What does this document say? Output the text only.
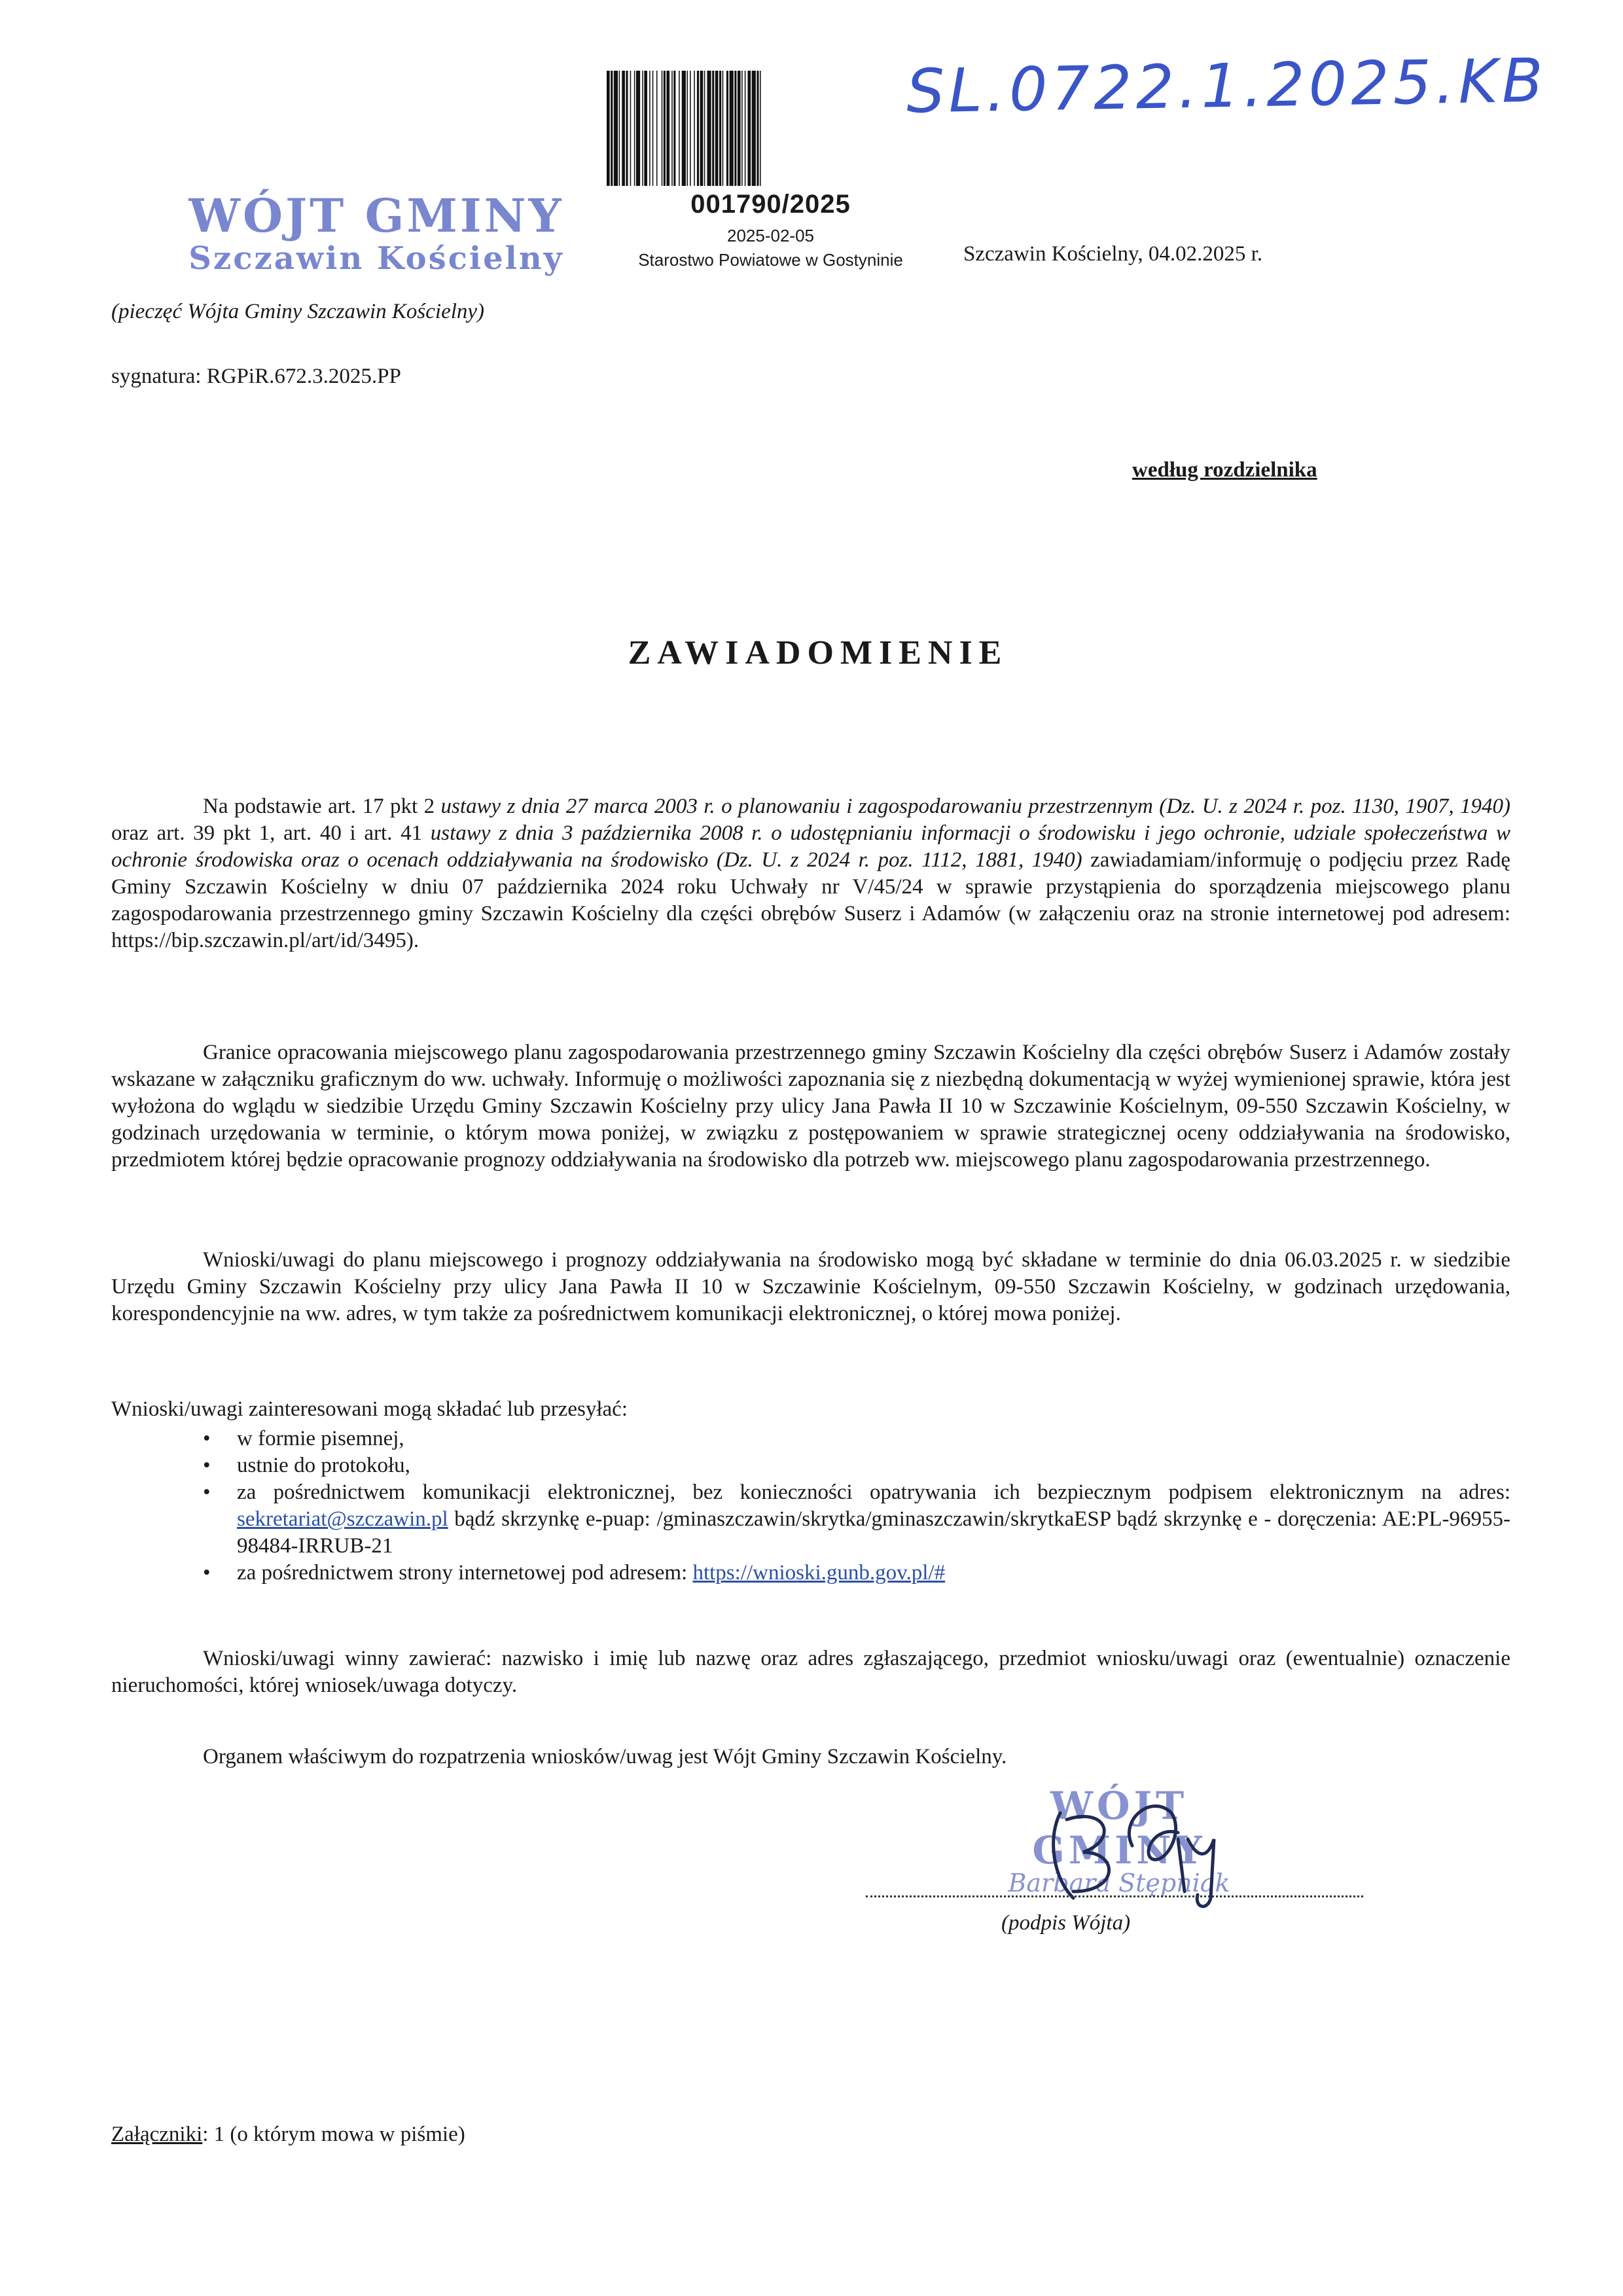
SL.0722.1.2025.KB
WÓJT GMINY
Szczawin Kościelny
001790/2025
2025-02-05
Starostwo Powiatowe w Gostyninie	Szczawin Kościelny, 04.02.2025 r.
(pieczęć Wójta Gminy Szczawin Kościelny)
sygnatura: RGPiR.672.3.2025.PP
według rozdzielnika
ZAWIADOMIENIE
Na podstawie art. 17 pkt 2 ustawy z dnia 27 marca 2003 r. o planowaniu i zagospodarowaniu przestrzennym (Dz. U. z 2024 r. poz. 1130, 1907, 1940) oraz art. 39 pkt 1, art. 40 i art. 41 ustawy z dnia 3 października 2008 r. o udostępnianiu informacji o środowisku i jego ochronie, udziale społeczeństwa w ochronie środowiska oraz o ocenach oddziaływania na środowisko (Dz. U. z 2024 r. poz. 1112, 1881, 1940) zawiadamiam/informuję o podjęciu przez Radę Gminy Szczawin Kościelny w dniu 07 października 2024 roku Uchwały nr V/45/24 w sprawie przystąpienia do sporządzenia miejscowego planu zagospodarowania przestrzennego gminy Szczawin Kościelny dla części obrębów Suserz i Adamów (w załączeniu oraz na stronie internetowej pod adresem: https://bip.szczawin.pl/art/id/3495).
Granice opracowania miejscowego planu zagospodarowania przestrzennego gminy Szczawin Kościelny dla części obrębów Suserz i Adamów zostały wskazane w załączniku graficznym do ww. uchwały. Informuję o możliwości zapoznania się z niezbędną dokumentacją w wyżej wymienionej sprawie, która jest wyłożona do wglądu w siedzibie Urzędu Gminy Szczawin Kościelny przy ulicy Jana Pawła II 10 w Szczawinie Kościelnym, 09-550 Szczawin Kościelny, w godzinach urzędowania w terminie, o którym mowa poniżej, w związku z postępowaniem w sprawie strategicznej oceny oddziaływania na środowisko, przedmiotem której będzie opracowanie prognozy oddziaływania na środowisko dla potrzeb ww. miejscowego planu zagospodarowania przestrzennego.
Wnioski/uwagi do planu miejscowego i prognozy oddziaływania na środowisko mogą być składane w terminie do dnia 06.03.2025 r. w siedzibie Urzędu Gminy Szczawin Kościelny przy ulicy Jana Pawła II 10 w Szczawinie Kościelnym, 09-550 Szczawin Kościelny, w godzinach urzędowania, korespondencyjnie na ww. adres, w tym także za pośrednictwem komunikacji elektronicznej, o której mowa poniżej.

Wnioski/uwagi zainteresowani mogą składać lub przesyłać:

• w formie pisemnej,
• ustnie do protokołu,
• za pośrednictwem komunikacji elektronicznej, bez konieczności opatrywania ich bezpiecznym podpisem elektronicznym na adres: sekretariat@szczawin.pl bądź skrzynkę e-puap: /gminaszczawin/skrytka/gminaszczawin/skrytkaESP bądź skrzynkę e - doręczenia: AE:PL-96955-98484-IRRUB-21
• za pośrednictwem strony internetowej pod adresem: https://wnioski.gunb.gov.pl/#
Wnioski/uwagi winny zawierać: nazwisko i imię lub nazwę oraz adres zgłaszającego, przedmiot wniosku/uwagi oraz (ewentualnie) oznaczenie nieruchomości, której wniosek/uwaga dotyczy.
Organem właściwym do rozpatrzenia wniosków/uwag jest Wójt Gminy Szczawin Kościelny.
WÓJT GMINY
Barbara Stępniak
(podpis Wójta)
Załączniki: 1 (o którym mowa w piśmie)
